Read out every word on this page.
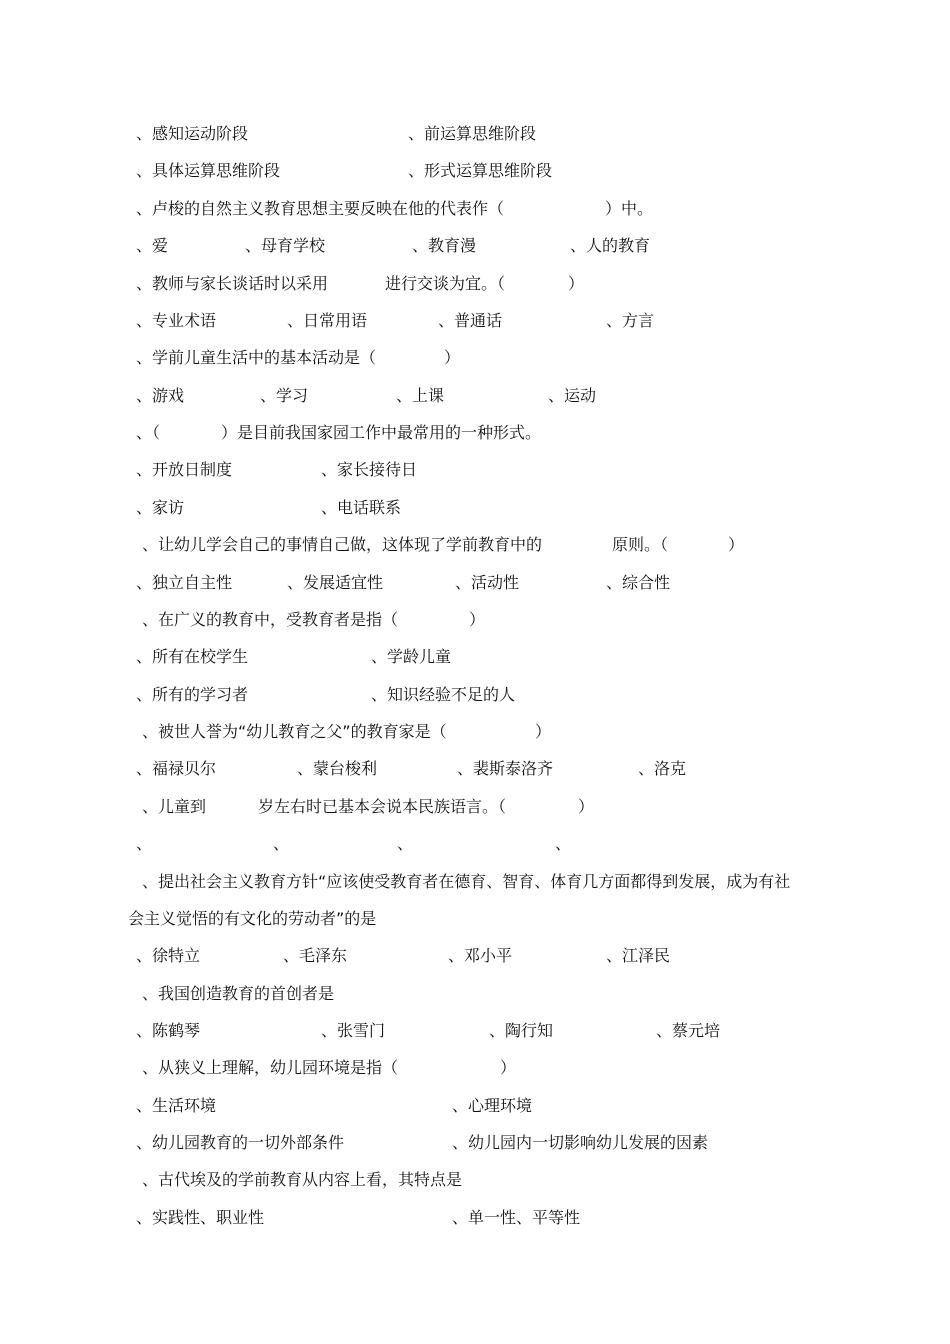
、感知运动阶段	、前运算思维阶段
、具体运算思维阶段	、形式运算思维阶段
、卢梭的自然主义教育思想主要反映在他的代表作（	）中。
、爱	、母育学校	、教育漫	、人的教育
、教师与家长谈话时以采用	进行交谈为宜。（	）
、专业术语	、日常用语	、普通话	、方言
、学前儿童生活中的基本活动是（	）
、游戏	、学习	、上课	、运动
、（	）是目前我国家园工作中最常用的一种形式。
、开放日制度	、家长接待日
、家访	、电话联系
、让幼儿学会自己的事情自己做，这体现了学前教育中的	原则。（	）
、独立自主性	、发展适宜性	、活动性	、综合性
、在广义的教育中，受教育者是指（	）
、所有在校学生	、学龄儿童
、所有的学习者	、知识经验不足的人
、被世人誉为“幼儿教育之父”的教育家是（	）
、福禄贝尔	、蒙台梭利	、裴斯泰洛齐	、洛克
、儿童到	岁左右时已基本会说本民族语言。（	）
、	、	、	、
、提出社会主义教育方针“应该使受教育者在德育、智育、体育几方面都得到发展，成为有社
会主义觉悟的有文化的劳动者”的是
、徐特立	、毛泽东	、邓小平	、江泽民
、我国创造教育的首创者是
、陈鹤琴	、张雪门	、陶行知	、蔡元培
、从狭义上理解，幼儿园环境是指（	）
、生活环境	、心理环境
、幼儿园教育的一切外部条件	、幼儿园内一切影响幼儿发展的因素
、古代埃及的学前教育从内容上看，其特点是
、实践性、职业性	、单一性、平等性
